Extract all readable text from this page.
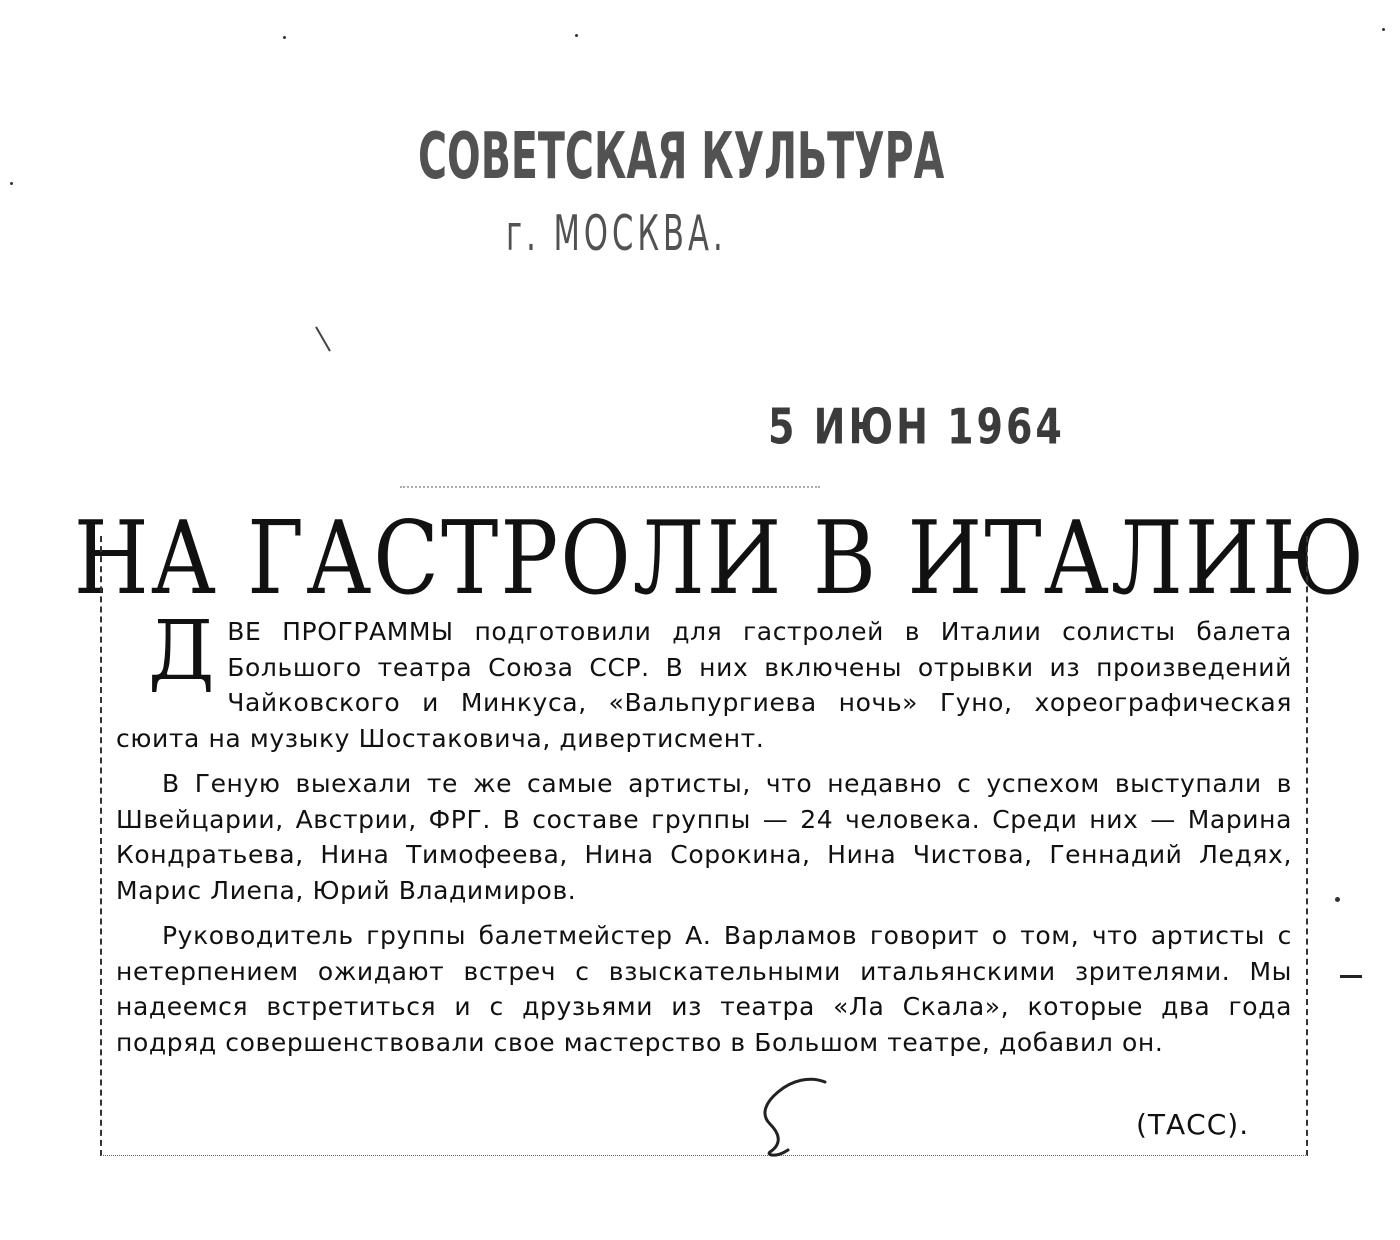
СОВЕТСКАЯ КУЛЬТУРА
г. МОСКВА.
5 ИЮН 1964
НА ГАСТРОЛИ В ИТАЛИЮ

ДВЕ ПРОГРАММЫ подготовили для гастролей в Италии солисты балета Большого театра Союза ССР. В них включены отрывки из произведений Чайковского и Минкуса, «Вальпургиева ночь» Гуно, хореографическая сюита на музыку Шостаковича, дивертисмент.

В Геную выехали те же самые артисты, что недавно с успехом выступали в Швейцарии, Австрии, ФРГ. В составе группы — 24 человека. Среди них — Марина Кондратьева, Нина Тимофеева, Нина Сорокина, Нина Чистова, Геннадий Ледях, Марис Лиепа, Юрий Владимиров.

Руководитель группы балетмейстер А. Варламов говорит о том, что артисты с нетерпением ожидают встреч с взыскательными итальянскими зрителями. Мы надеемся встретиться и с друзьями из театра «Ла Скала», которые два года подряд совершенствовали свое мастерство в Большом театре, добавил он.

(ТАСС).
